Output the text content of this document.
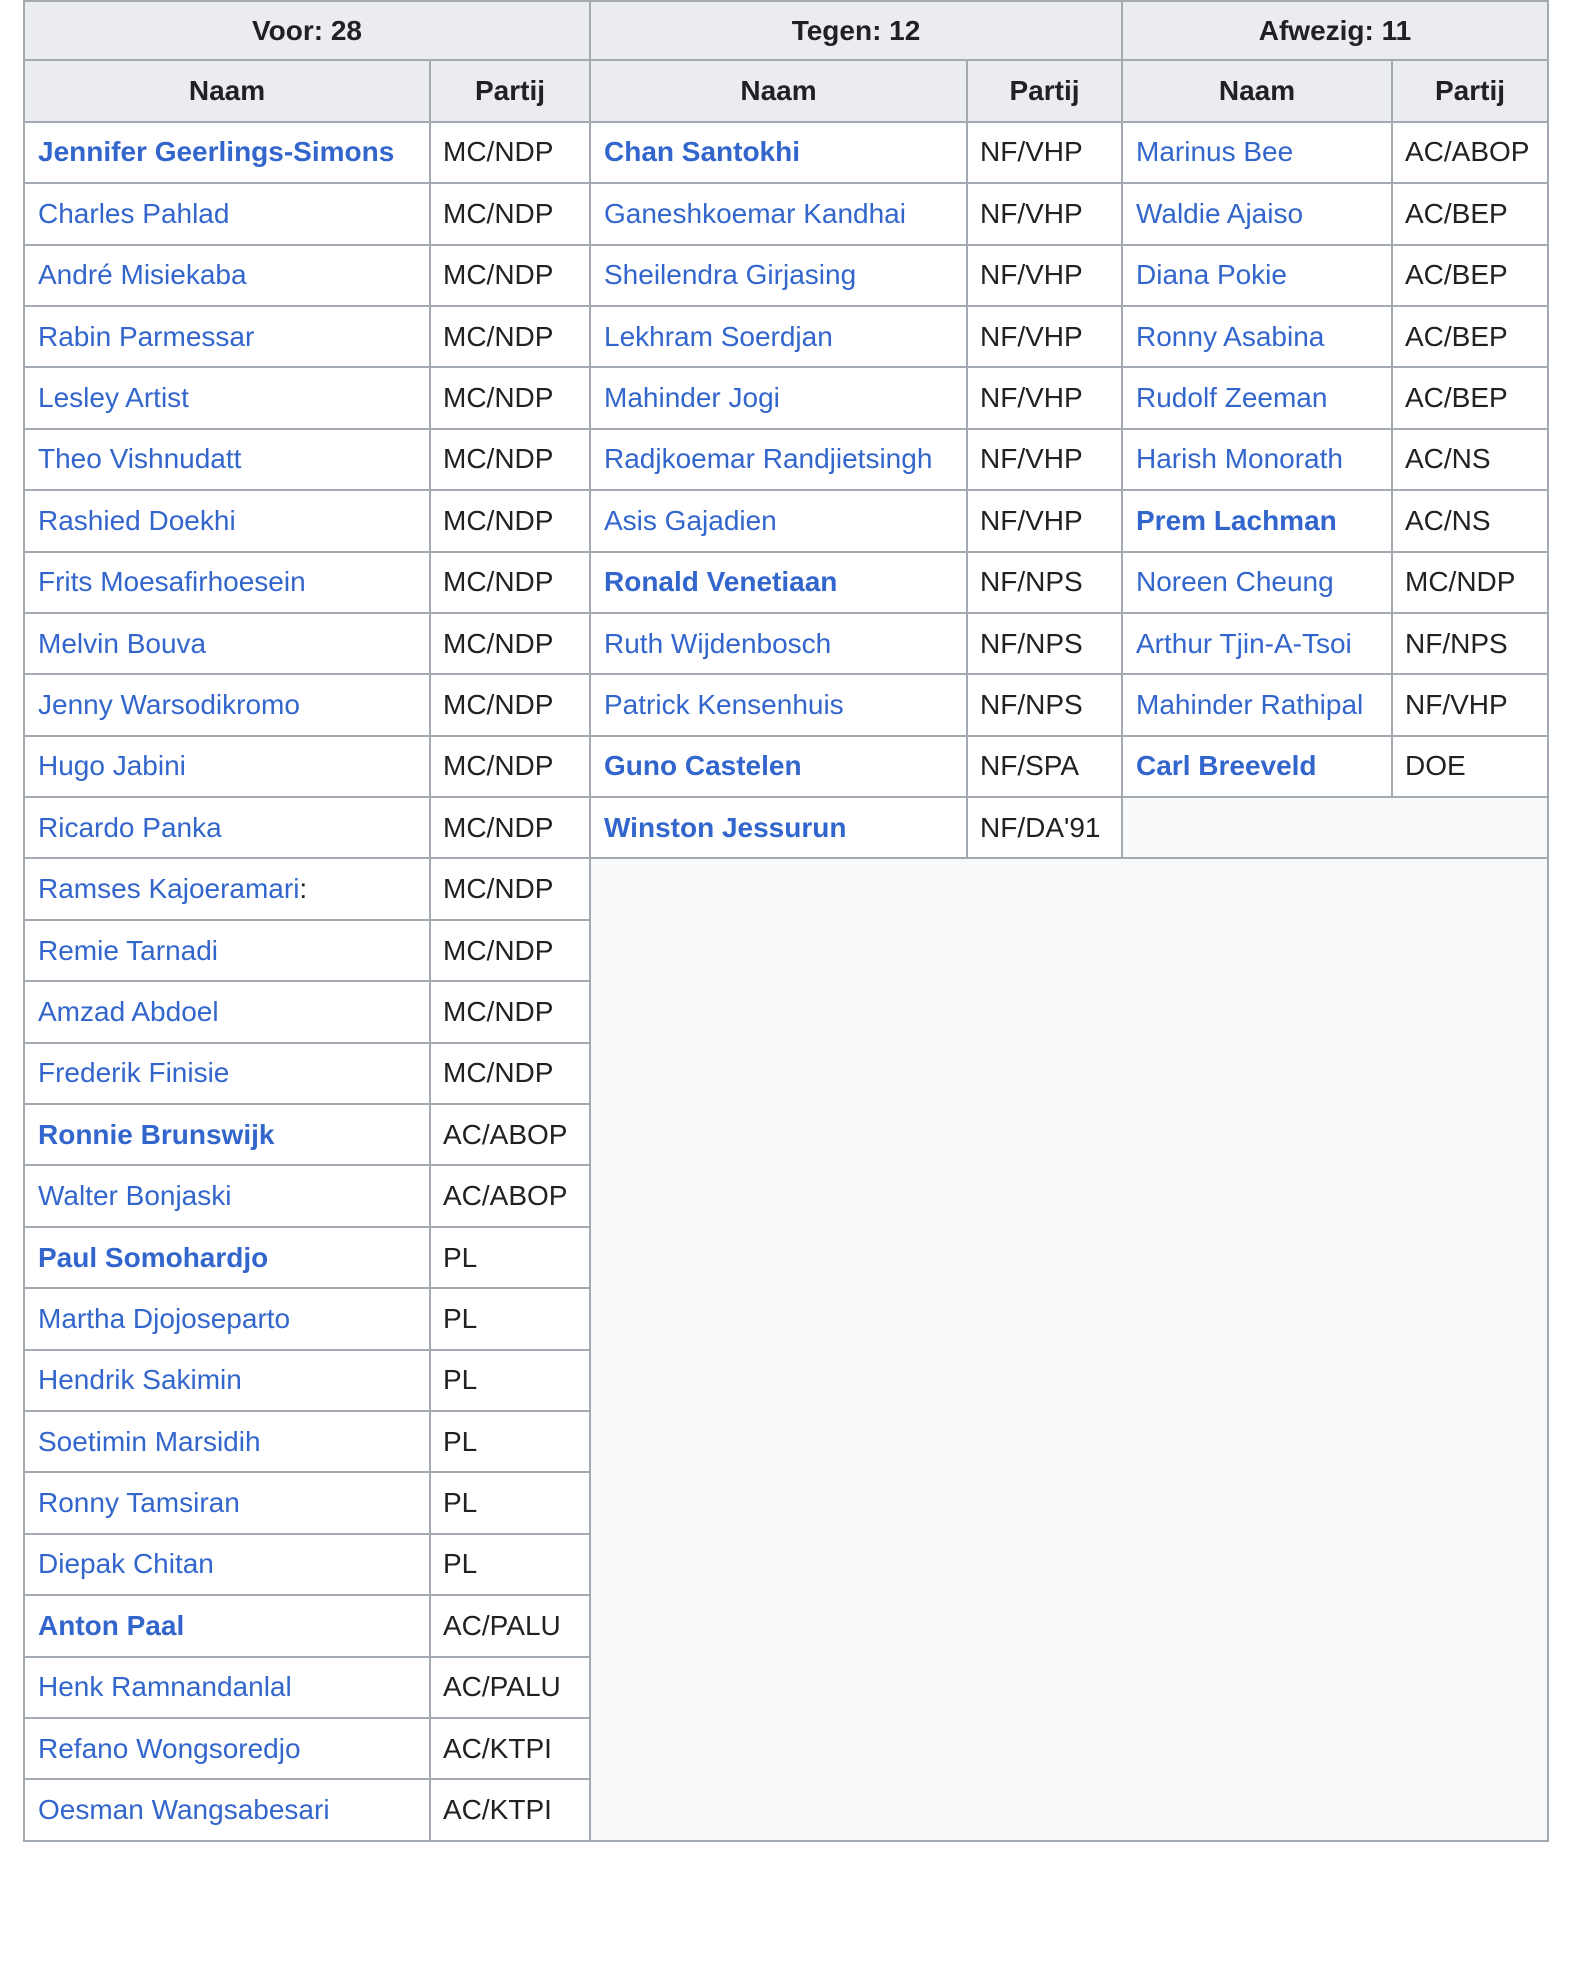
Voor: 28
Naam	Partij
Jennifer Geerlings-Simons	MC/NDP
Charles Pahlad	MC/NDP
André Misiekaba	MC/NDP
Rabin Parmessar	MC/NDP
Lesley Artist	MC/NDP
Theo Vishnudatt	MC/NDP
Rashied Doekhi	MC/NDP
Frits Moesafirhoesein	MC/NDP
Melvin Bouva	MC/NDP
Jenny Warsodikromo	MC/NDP
Hugo Jabini	MC/NDP
Ricardo Panka	MC/NDP
Ramses Kajoeramari :	MC/NDP
Remie Tarnadi	MC/NDP
Amzad Abdoel	MC/NDP
Frederik Finisie	MC/NDP
Ronnie Brunswijk	AC/ABOP
Walter Bonjaski	AC/ABOP
Paul Somohardjo	PL
Martha Djojoseparto	PL
Hendrik Sakimin	PL
Soetimin Marsidih	PL
Ronny Tamsiran	PL
Diepak Chitan	PL
Anton Paal	AC/PALU
Henk Ramnandanlal	AC/PALU
Refano Wongsoredjo	AC/KTPI
Oesman Wangsabesari	AC/KTPI
Tegen: 12
Naam	Partij
Chan Santokhi	NF/VHP
Ganeshkoemar Kandhai	NF/VHP
Sheilendra Girjasing	NF/VHP
Lekhram Soerdjan	NF/VHP
Mahinder Jogi	NF/VHP
Radjkoemar Randjietsingh	NF/VHP
Asis Gajadien	NF/VHP
Ronald Venetiaan	NF/NPS
Ruth Wijdenbosch	NF/NPS
Patrick Kensenhuis	NF/NPS
Guno Castelen	NF/SPA
Winston Jessurun	NF/DA'91
Afwezig: 11
Naam	Partij
Marinus Bee	AC/ABOP
Waldie Ajaiso	AC/BEP
Diana Pokie	AC/BEP
Ronny Asabina	AC/BEP
Rudolf Zeeman	AC/BEP
Harish Monorath	AC/NS
Prem Lachman	AC/NS
Noreen Cheung	MC/NDP
Arthur Tjin-A-Tsoi	NF/NPS
Mahinder Rathipal	NF/VHP
Carl Breeveld	DOE
